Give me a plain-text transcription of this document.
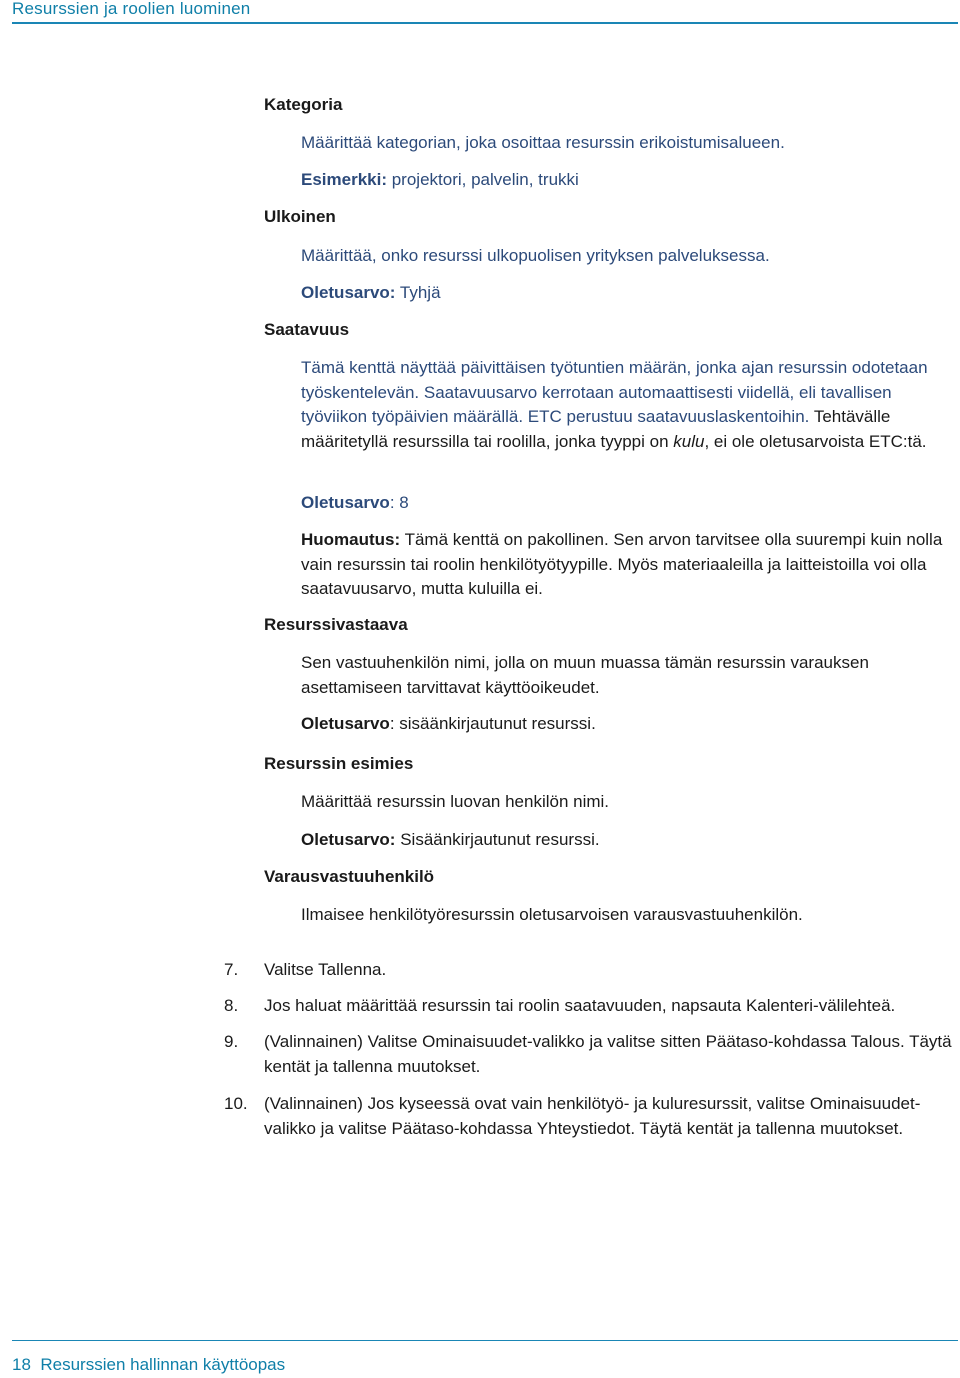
Resurssien ja roolien luominen
Kategoria
Määrittää kategorian, joka osoittaa resurssin erikoistumisalueen.
Esimerkki: projektori, palvelin, trukki
Ulkoinen
Määrittää, onko resurssi ulkopuolisen yrityksen palveluksessa.
Oletusarvo: Tyhjä
Saatavuus
Tämä kenttä näyttää päivittäisen työtuntien määrän, jonka ajan resurssin odotetaan työskentelevän. Saatavuusarvo kerrotaan automaattisesti viidellä, eli tavallisen työviikon työpäivien määrällä. ETC perustuu saatavuuslaskentoihin. Tehtävälle määritetyllä resurssilla tai roolilla, jonka tyyppi on kulu, ei ole oletusarvoista ETC:tä.
Oletusarvo: 8
Huomautus: Tämä kenttä on pakollinen. Sen arvon tarvitsee olla suurempi kuin nolla vain resurssin tai roolin henkilötyötyypille. Myös materiaaleilla ja laitteistoilla voi olla saatavuusarvo, mutta kuluilla ei.
Resurssivastaava
Sen vastuuhenkilön nimi, jolla on muun muassa tämän resurssin varauksen asettamiseen tarvittavat käyttöoikeudet.
Oletusarvo: sisäänkirjautunut resurssi.
Resurssin esimies
Määrittää resurssin luovan henkilön nimi.
Oletusarvo: Sisäänkirjautunut resurssi.
Varausvastuuhenkilö
Ilmaisee henkilötyöresurssin oletusarvoisen varausvastuuhenkilön.
7. Valitse Tallenna.
8. Jos haluat määrittää resurssin tai roolin saatavuuden, napsauta Kalenteri-välilehteä.
9. (Valinnainen) Valitse Ominaisuudet-valikko ja valitse sitten Päätaso-kohdassa Talous. Täytä kentät ja tallenna muutokset.
10. (Valinnainen) Jos kyseessä ovat vain henkilötyö- ja kuluresurssit, valitse Ominaisuudet-valikko ja valitse Päätaso-kohdassa Yhteystiedot. Täytä kentät ja tallenna muutokset.
18 Resurssien hallinnan käyttöopas
